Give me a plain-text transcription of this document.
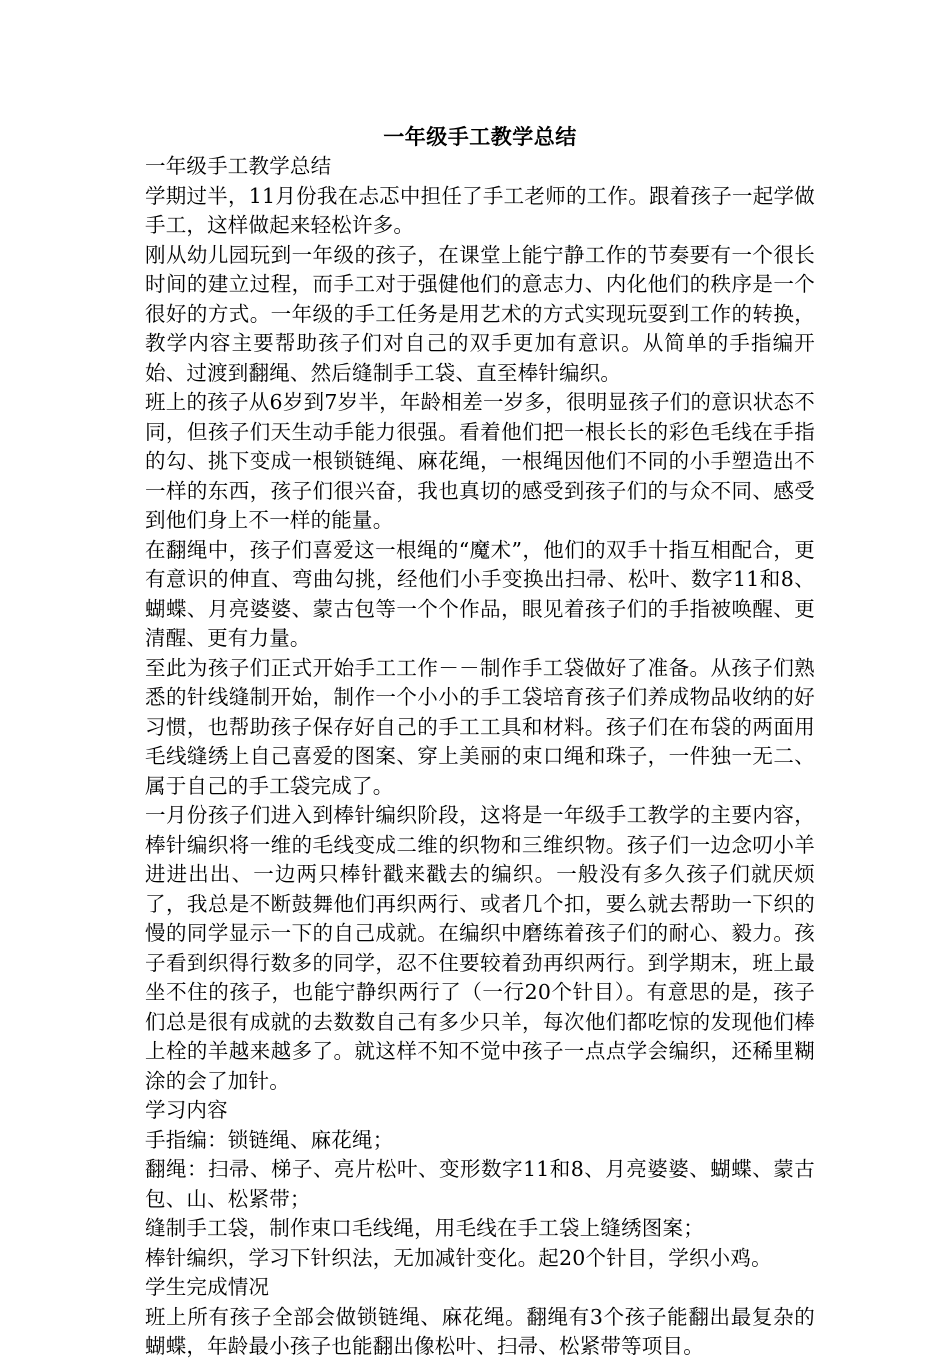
一年级手工教学总结

一年级手工教学总结

学期过半，11月份我在忐忑中担任了手工老师的工作。跟着孩子一起学做手工，这样做起来轻松许多。

刚从幼儿园玩到一年级的孩子，在课堂上能宁静工作的节奏要有一个很长时间的建立过程，而手工对于强健他们的意志力、内化他们的秩序是一个很好的方式。一年级的手工任务是用艺术的方式实现玩耍到工作的转换，教学内容主要帮助孩子们对自己的双手更加有意识。从简单的手指编开始、过渡到翻绳、然后缝制手工袋、直至棒针编织。

班上的孩子从6岁到7岁半，年龄相差一岁多，很明显孩子们的意识状态不同，但孩子们天生动手能力很强。看着他们把一根长长的彩色毛线在手指的勾、挑下变成一根锁链绳、麻花绳，一根绳因他们不同的小手塑造出不一样的东西，孩子们很兴奋，我也真切的感受到孩子们的与众不同、感受到他们身上不一样的能量。

在翻绳中，孩子们喜爱这一根绳的“魔术”，他们的双手十指互相配合，更有意识的伸直、弯曲勾挑，经他们小手变换出扫帚、松叶、数字11和8、蝴蝶、月亮婆婆、蒙古包等一个个作品，眼见着孩子们的手指被唤醒、更清醒、更有力量。

至此为孩子们正式开始手工工作－－制作手工袋做好了准备。从孩子们熟悉的针线缝制开始，制作一个小小的手工袋培育孩子们养成物品收纳的好习惯，也帮助孩子保存好自己的手工工具和材料。孩子们在布袋的两面用毛线缝绣上自己喜爱的图案、穿上美丽的束口绳和珠子，一件独一无二、属于自己的手工袋完成了。

一月份孩子们进入到棒针编织阶段，这将是一年级手工教学的主要内容，棒针编织将一维的毛线变成二维的织物和三维织物。孩子们一边念叨小羊进进出出、一边两只棒针戳来戳去的编织。一般没有多久孩子们就厌烦了，我总是不断鼓舞他们再织两行、或者几个扣，要么就去帮助一下织的慢的同学显示一下的自己成就。在编织中磨练着孩子们的耐心、毅力。孩子看到织得行数多的同学，忍不住要较着劲再织两行。到学期末，班上最坐不住的孩子，也能宁静织两行了（一行20个针目）。有意思的是，孩子们总是很有成就的去数数自己有多少只羊，每次他们都吃惊的发现他们棒上栓的羊越来越多了。就这样不知不觉中孩子一点点学会编织，还稀里糊涂的会了加针。

学习内容

手指编：锁链绳、麻花绳；

翻绳：扫帚、梯子、亮片松叶、变形数字11和8、月亮婆婆、蝴蝶、蒙古包、山、松紧带；

缝制手工袋，制作束口毛线绳，用毛线在手工袋上缝绣图案；

棒针编织，学习下针织法，无加减针变化。起20个针目，学织小鸡。

学生完成情况

班上所有孩子全部会做锁链绳、麻花绳。翻绳有3个孩子能翻出最复杂的蝴蝶，年龄最小孩子也能翻出像松叶、扫帚、松紧带等项目。
